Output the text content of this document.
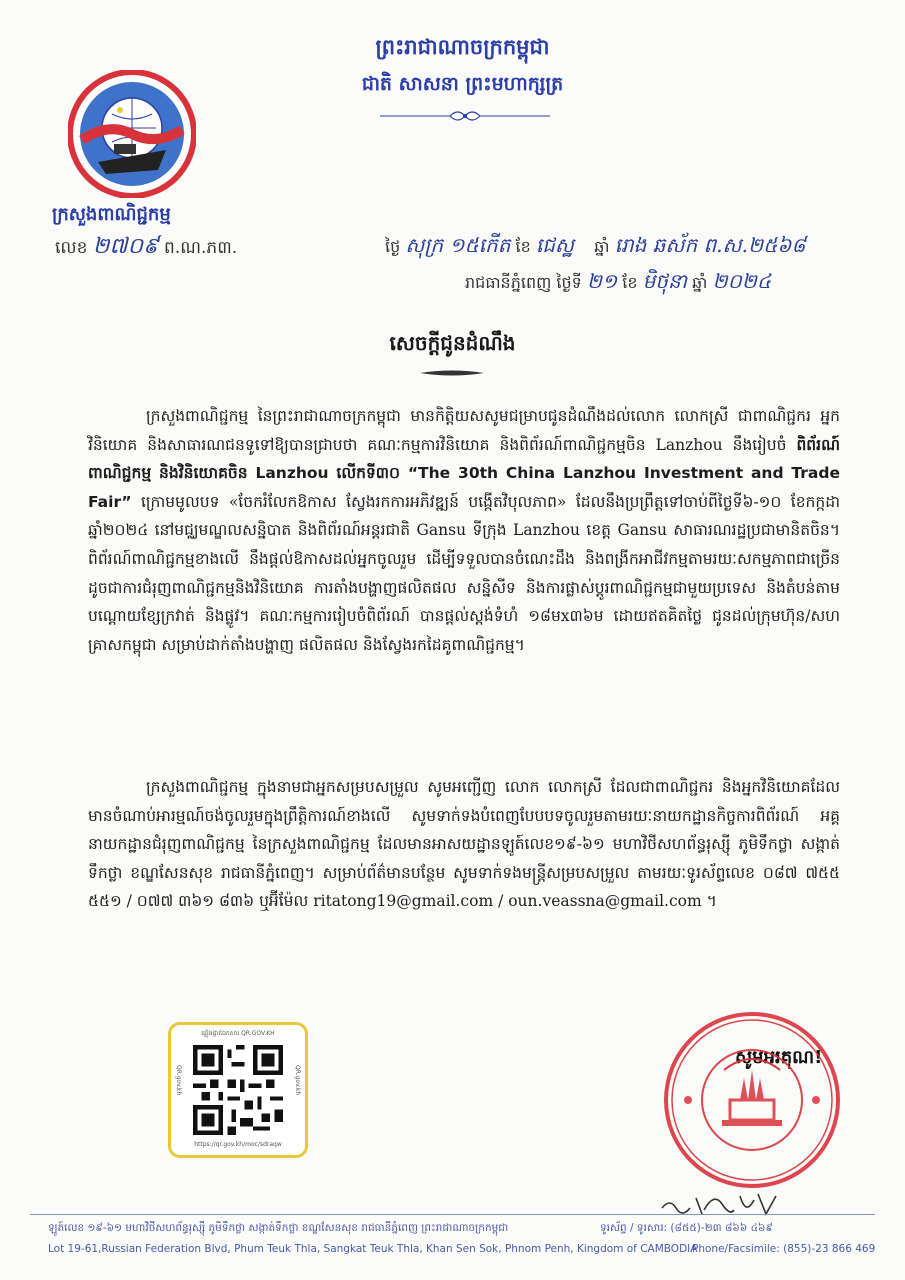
ព្រះរាជាណាចក្រកម្ពុជា
ជាតិ សាសនា ព្រះមហាក្សត្រ
ក្រសួងពាណិជ្ជកម្ម
លេខ ២៧០៩ ព.ណ.ភ៣.	ថ្ងៃ សុក្រ ១៥កើត ខែ ជេស្ឋ ឆ្នាំ រោង ឆស័ក ព.ស.២៥៦៨
រាជធានីភ្នំពេញ ថ្ងៃទី ២១ ខែ មិថុនា ឆ្នាំ ២០២៤
សេចក្តីជូនដំណឹង
ក្រសួងពាណិជ្ជកម្ម នៃព្រះរាជាណាចក្រកម្ពុជា មានកិត្តិយសសូមជម្រាបជូនដំណឹងដល់លោក លោកស្រី ជាពាណិជ្ជករ អ្នកវិនិយោគ និងសាធារណជនទូទៅឱ្យបានជ្រាបថា គណៈកម្មការវិនិយោគ និងពិព័រណ៍ពាណិជ្ជកម្មចិន Lanzhou នឹងរៀបចំ ពិព័រណ៍ពាណិជ្ជកម្ម និងវិនិយោគចិន Lanzhou លើកទី៣០ “The 30th China Lanzhou Investment and Trade Fair” ក្រោមមូលបទ «ចែករំលែកឱកាស ស្វែងរកការអភិវឌ្ឍន៍ បង្កើតវិបុលភាព» ដែលនឹងប្រព្រឹត្តទៅចាប់ពីថ្ងៃទី៦-១០ ខែកក្កដា ឆ្នាំ២០២៤ នៅមជ្ឈមណ្ឌលសន្និបាត និងពិព័រណ៍អន្តរជាតិ Gansu ទីក្រុង Lanzhou ខេត្ត Gansu សាធារណរដ្ឋប្រជាមានិតចិន។ ពិព័រណ៍ពាណិជ្ជកម្មខាងលើ នឹងផ្តល់ឱកាសដល់អ្នកចូលរួម ដើម្បីទទួលបានចំណេះដឹង និងពង្រីកអាជីវកម្មតាមរយៈសកម្មភាពជាច្រើន ដូចជាការជំរុញពាណិជ្ជកម្មនិងវិនិយោគ ការតាំងបង្ហាញផលិតផល សន្និសីទ និងការផ្លាស់ប្តូរពាណិជ្ជកម្មជាមួយប្រទេស និងតំបន់តាមបណ្តោយខ្សែក្រវាត់ និងផ្លូវ។ គណៈកម្មការរៀបចំពិព័រណ៍ បានផ្តល់ស្តង់ទំហំ ១៨មx៣៦ម ដោយឥតគិតថ្លៃ ជូនដល់ក្រុមហ៊ុន/សហគ្រាសកម្ពុជា សម្រាប់ដាក់តាំងបង្ហាញ ផលិតផល និងស្វែងរកដៃគូពាណិជ្ជកម្ម។
ក្រសួងពាណិជ្ជកម្ម ក្នុងនាមជាអ្នកសម្របសម្រួល សូមអញ្ជើញ លោក លោកស្រី ដែលជាពាណិជ្ជករ និងអ្នកវិនិយោគដែលមានចំណាប់អារម្មណ៍ចង់ចូលរួមក្នុងព្រឹត្តិការណ៍ខាងលើ សូមទាក់ទងបំពេញបែបបទចូលរួមតាមរយៈនាយកដ្ឋានកិច្ចការពិព័រណ៍ អគ្គនាយកដ្ឋានជំរុញពាណិជ្ជកម្ម នៃក្រសួងពាណិជ្ជកម្ម ដែលមានអាសយដ្ឋានឡូត៍លេខ១៩-៦១ មហាវិថីសហព័ន្ធរុស្ស៊ី ភូមិទឹកថ្លា សង្កាត់ទឹកថ្លា ខណ្ឌសែនសុខ រាជធានីភ្នំពេញ។ សម្រាប់ព័ត៌មានបន្ថែម សូមទាក់ទងមន្ត្រីសម្របសម្រួល តាមរយៈទូរស័ព្ទលេខ ០៨៧ ៧៥៥ ៥៥១ / ០៧៧ ៣៦១ ៨៣៦ ឬអ៊ីម៉ែល ritatong19@gmail.com / oun.veassna@gmail.com ។
សូមអរគុណ!
ផ្ទៀងផ្ទាត់ឯកសារ QR.GOV.KH
QR.gov.kh	QR.gov.kh
https://qr.gov.kh/moc/sdraqw
ឡូត៍លេខ ១៩-៦១ មហាវិថីសហព័ន្ធរុស្ស៊ី ភូមិទឹកថ្លា សង្កាត់ទឹកថ្លា ខណ្ឌសែនសុខ រាជធានីភ្នំពេញ ព្រះរាជាណាចក្រកម្ពុជា	ទូរស័ព្ទ / ទូរសារ: (៨៥៥)-២៣ ៨៦៦ ៤៦៩
Lot 19-61,Russian Federation Blvd, Phum Teuk Thla, Sangkat Teuk Thla, Khan Sen Sok, Phnom Penh, Kingdom of CAMBODIA
Phone/Facsimile: (855)-23 866 469
